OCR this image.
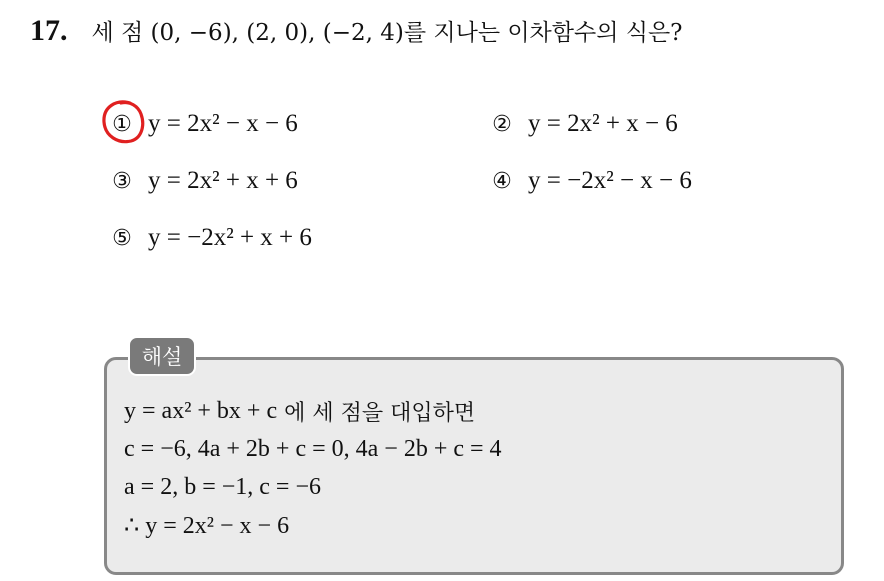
17. 세 점 (0, −6), (2, 0), (−2, 4)를 지나는 이차함수의 식은?
① y = 2x² − x − 6	② y = 2x² + x − 6
③ y = 2x² + x + 6	④ y = −2x² − x − 6
⑤ y = −2x² + x + 6
해설
y = ax² + bx + c 에 세 점을 대입하면
c = −6, 4a + 2b + c = 0, 4a − 2b + c = 4
a = 2, b = −1, c = −6
∴ y = 2x² − x − 6
